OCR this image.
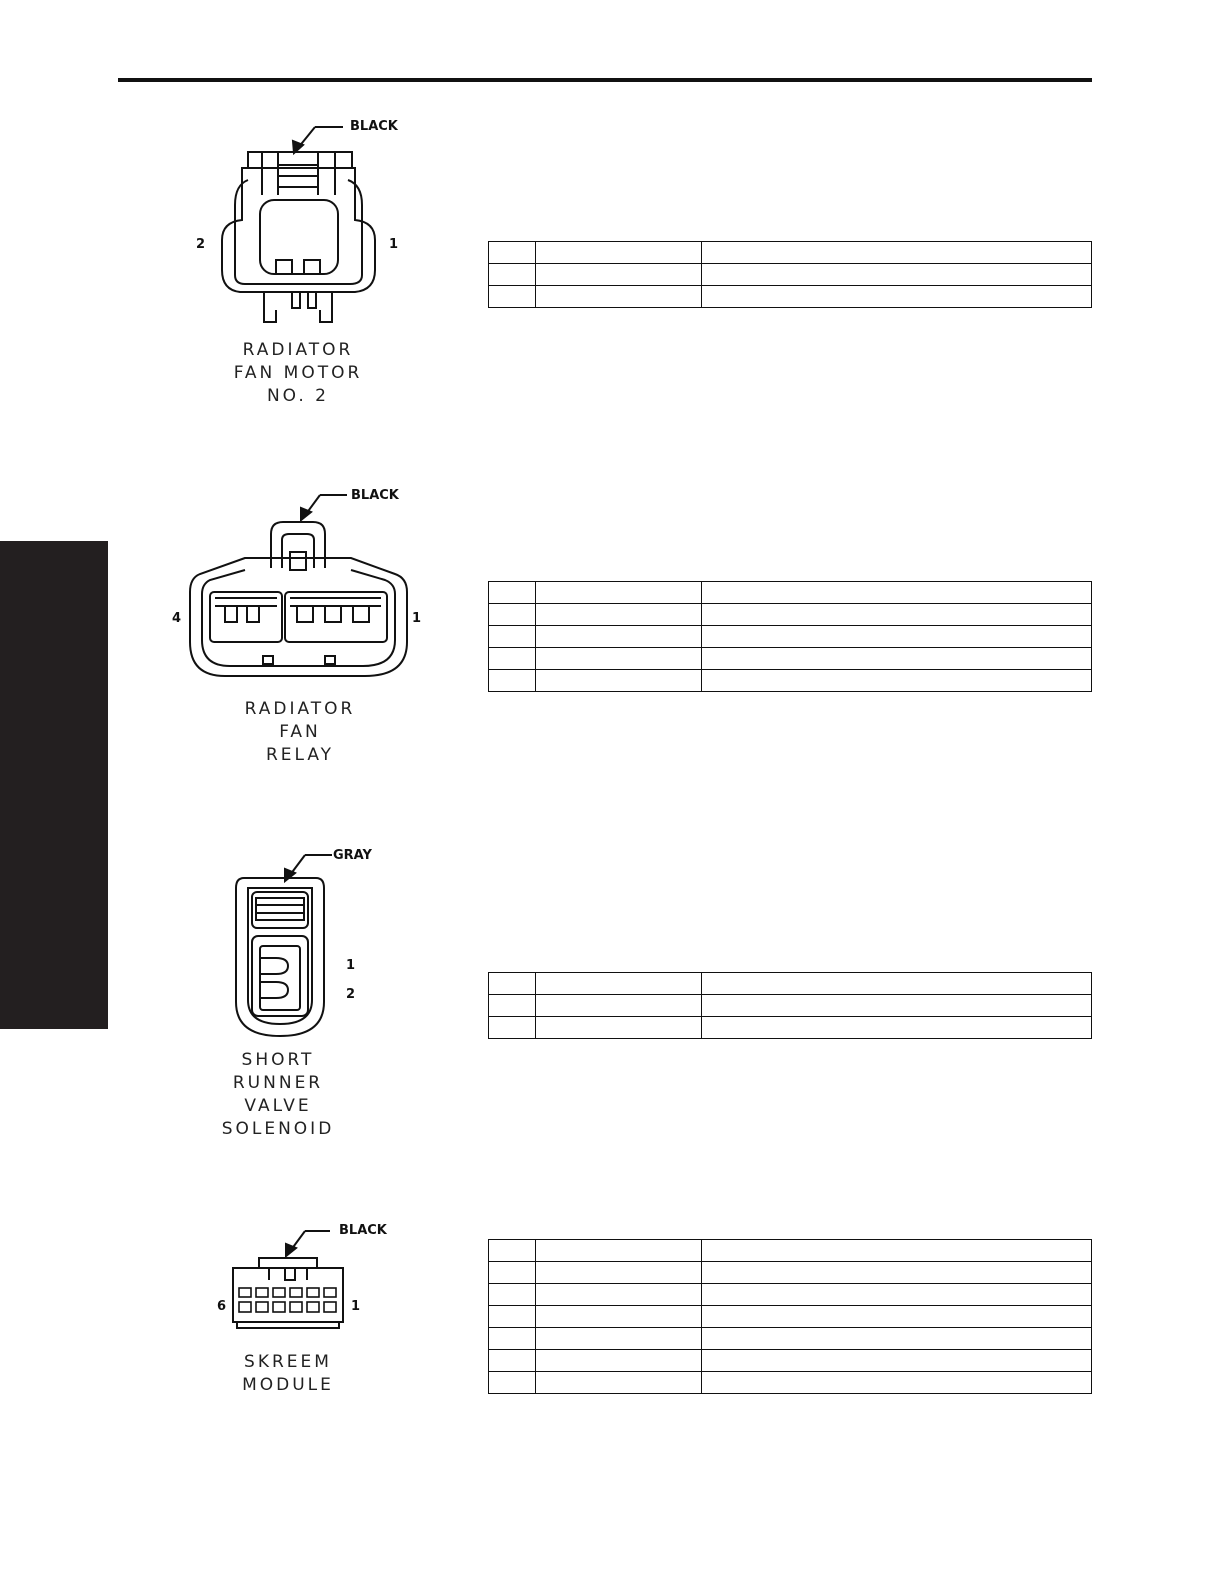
BLACK
2	1
RADIATOR
FAN MOTOR
NO. 2

BLACK
4	1
RADIATOR
FAN
RELAY

GRAY
1
2
SHORT
RUNNER
VALVE
SOLENOID

BLACK
6	1
SKREEM
MODULE
